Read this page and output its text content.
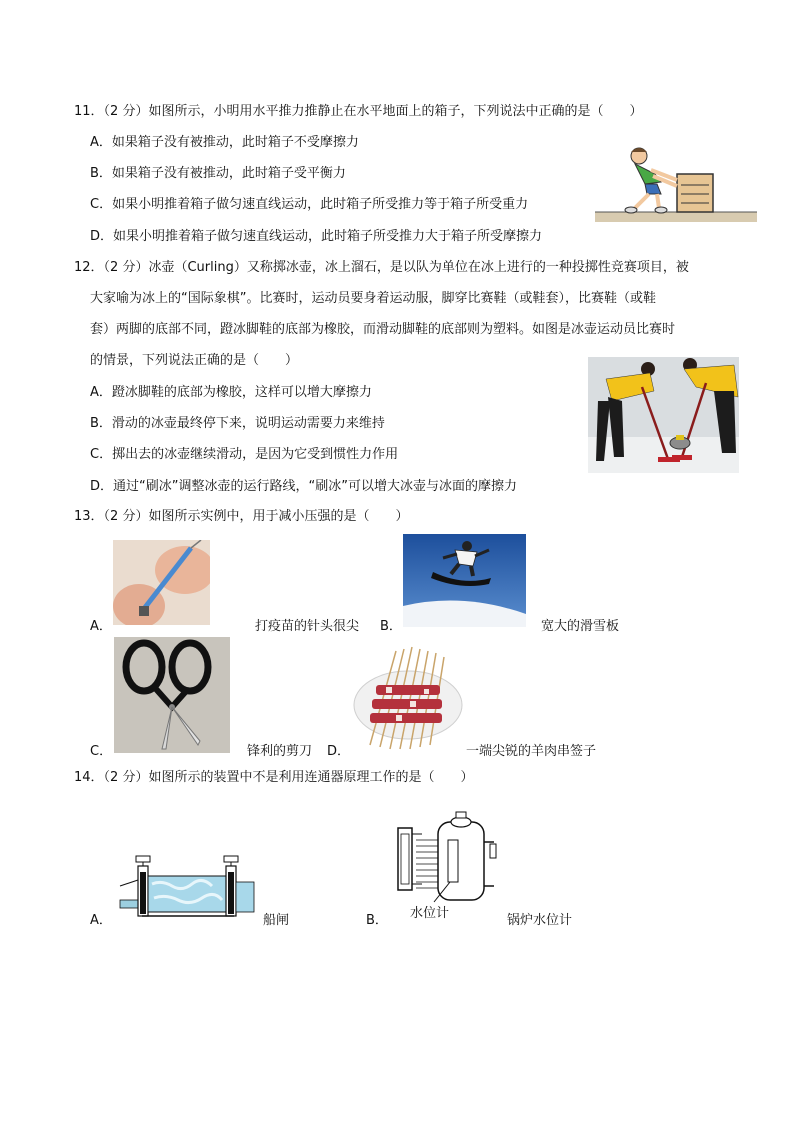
11．（2 分）如图所示，小明用水平推力推静止在水平地面上的箱子，下列说法中正确的是（　　）
A．如果箱子没有被推动，此时箱子不受摩擦力
B．如果箱子没有被推动，此时箱子受平衡力
C．如果小明推着箱子做匀速直线运动，此时箱子所受推力等于箱子所受重力
D．如果小明推着箱子做匀速直线运动，此时箱子所受推力大于箱子所受摩擦力
12．（2 分）冰壶（Curling）又称掷冰壶，冰上溜石，是以队为单位在冰上进行的一种投掷性竞赛项目，被
大家喻为冰上的“国际象棋”。比赛时，运动员要身着运动服，脚穿比赛鞋（或鞋套），比赛鞋（或鞋
套）两脚的底部不同，蹬冰脚鞋的底部为橡胶，而滑动脚鞋的底部则为塑料。如图是冰壶运动员比赛时
的情景，下列说法正确的是（　　）
A．蹬冰脚鞋的底部为橡胶，这样可以增大摩擦力
B．滑动的冰壶最终停下来，说明运动需要力来维持
C．掷出去的冰壶继续滑动，是因为它受到惯性力作用
D．通过“刷冰”调整冰壶的运行路线，“刷冰”可以增大冰壶与冰面的摩擦力
13．（2 分）如图所示实例中，用于减小压强的是（　　）
A．	打疫苗的针头很尖 B．	宽大的滑雪板
C．	锋利的剪刀 D．	一端尖锐的羊肉串签子
14．（2 分）如图所示的装置中不是利用连通器原理工作的是（　　）
A．	船闸	水位计
B．	锅炉水位计
